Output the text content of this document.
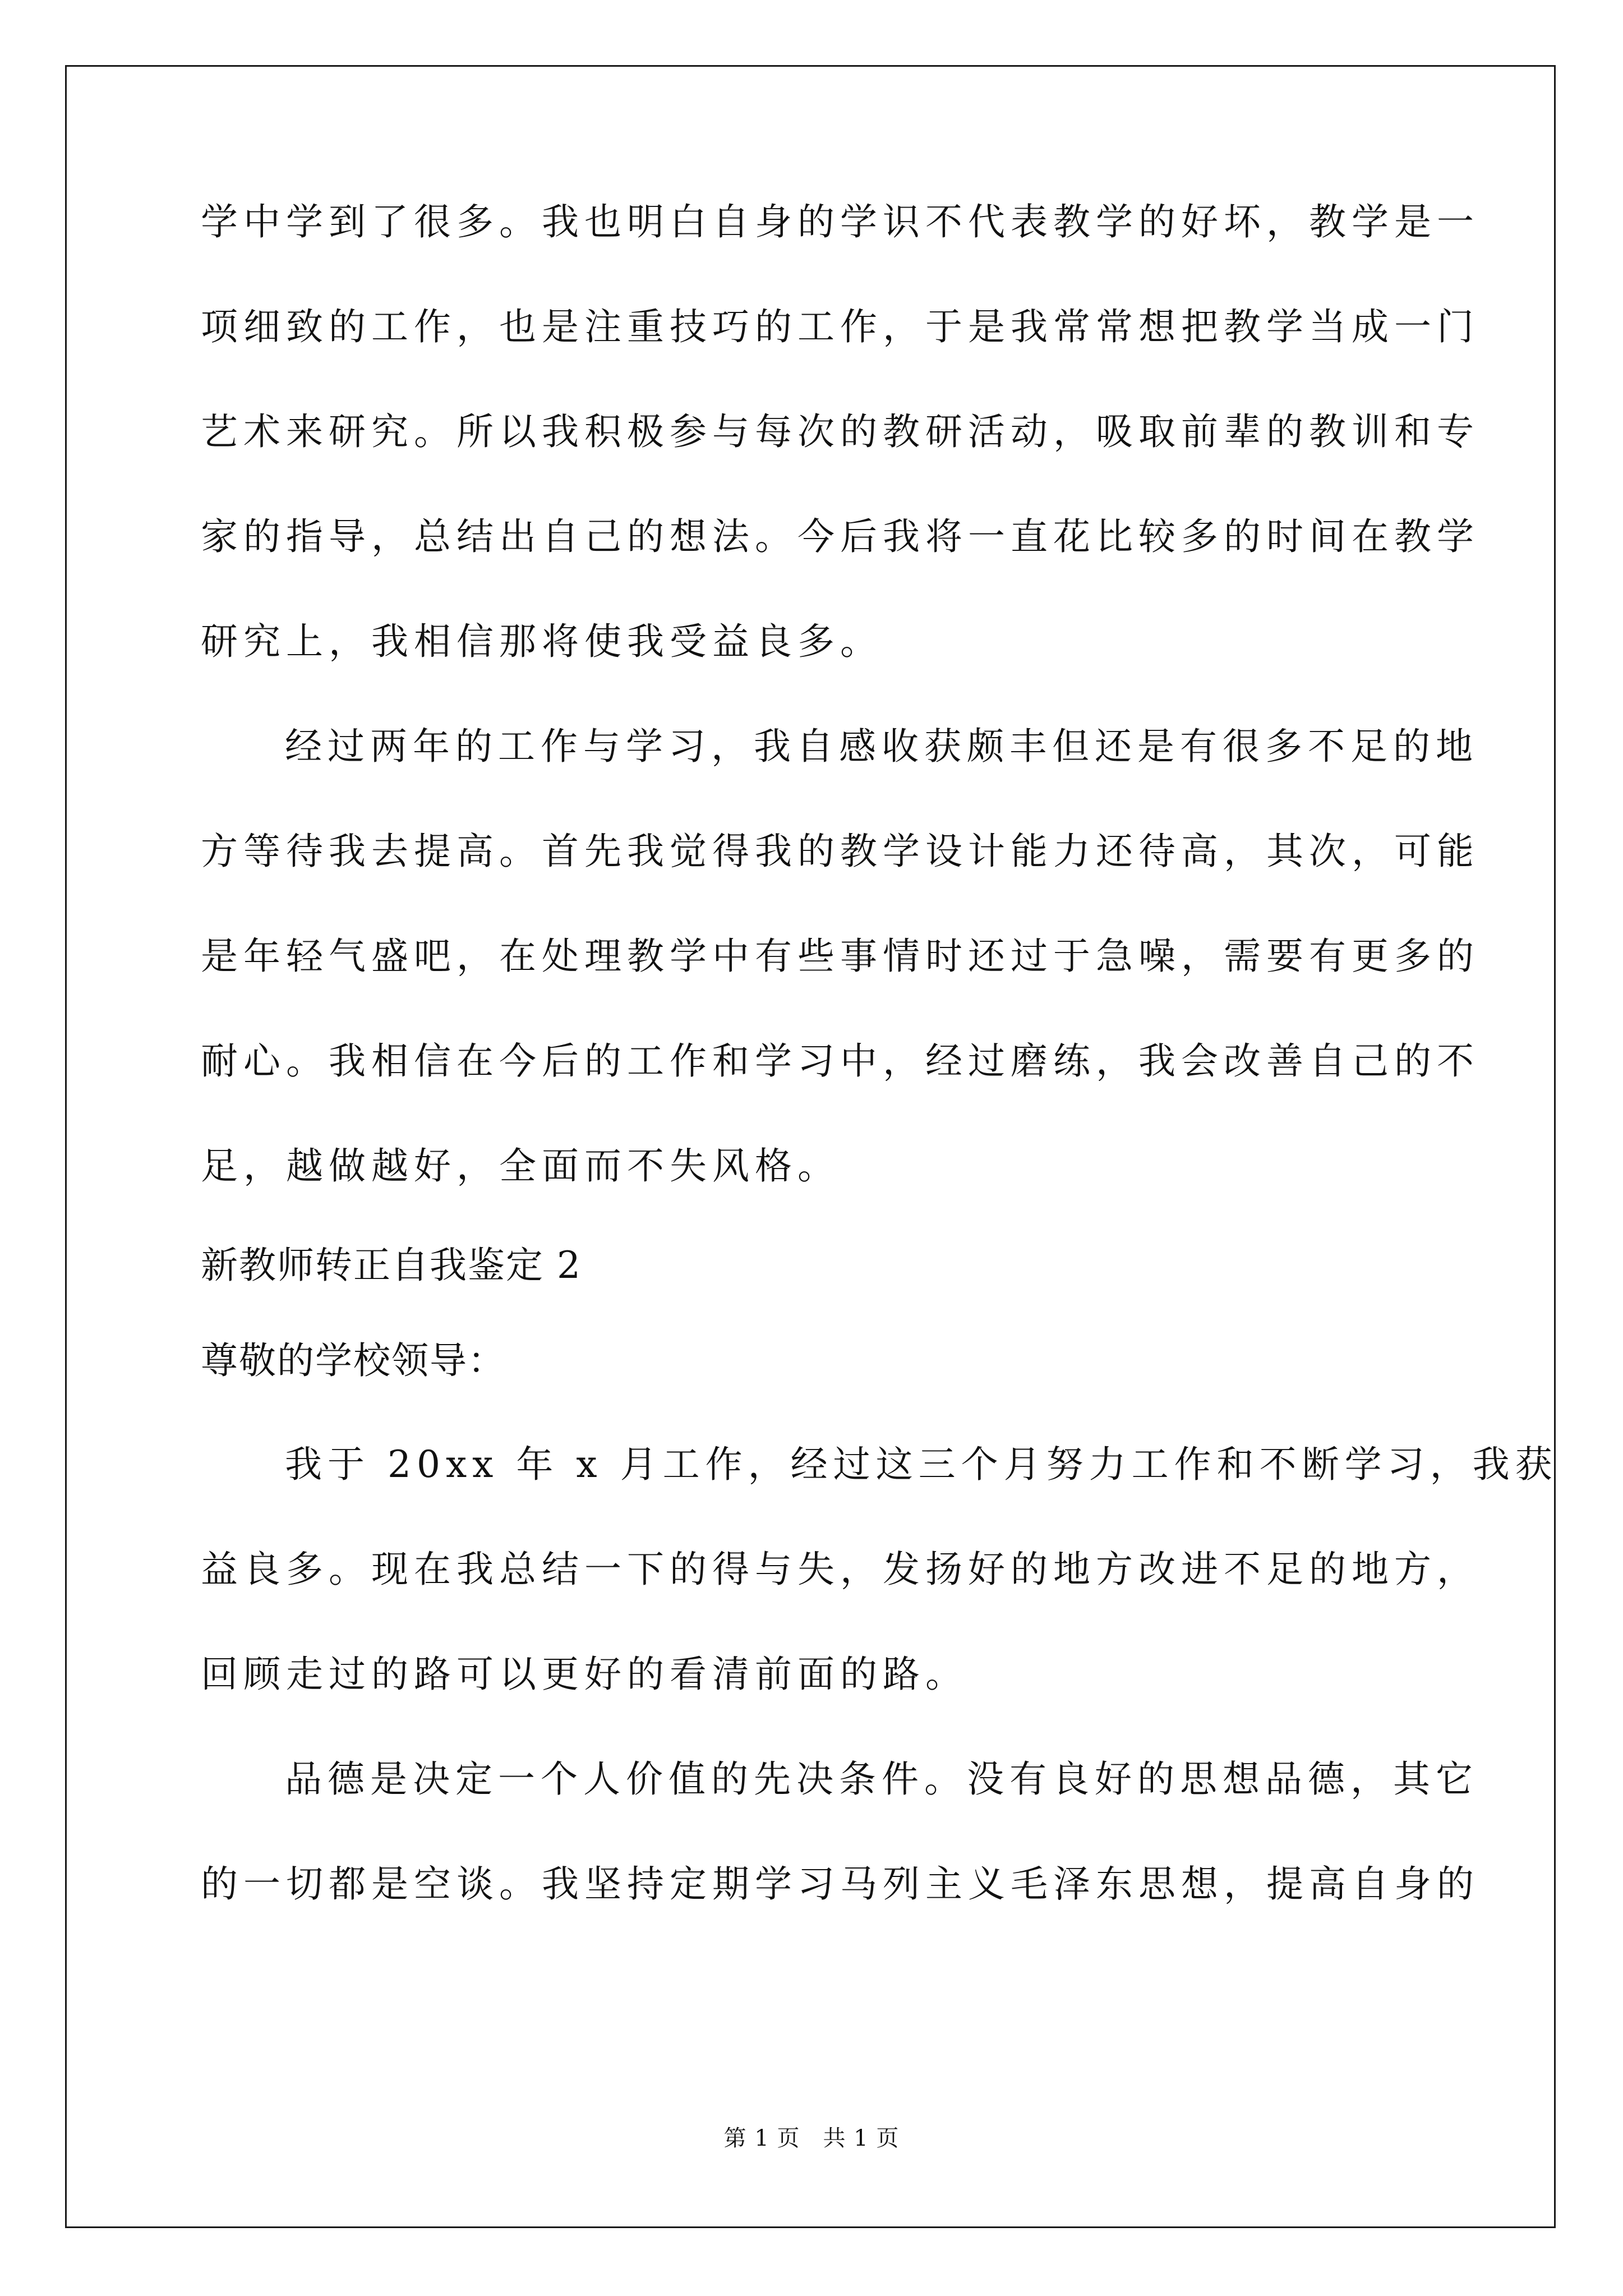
学中学到了很多。我也明白自身的学识不代表教学的好坏，教学是一
项细致的工作，也是注重技巧的工作，于是我常常想把教学当成一门
艺术来研究。所以我积极参与每次的教研活动，吸取前辈的教训和专
家的指导，总结出自己的想法。今后我将一直花比较多的时间在教学
研究上，我相信那将使我受益良多。
经过两年的工作与学习，我自感收获颇丰但还是有很多不足的地
方等待我去提高。首先我觉得我的教学设计能力还待高，其次，可能
是年轻气盛吧，在处理教学中有些事情时还过于急噪，需要有更多的
耐心。我相信在今后的工作和学习中，经过磨练，我会改善自己的不
足，越做越好，全面而不失风格。
新教师转正自我鉴定 2
尊敬的学校领导：
我于 20xx 年 x 月工作，经过这三个月努力工作和不断学习，我获
益良多。现在我总结一下的得与失，发扬好的地方改进不足的地方，
回顾走过的路可以更好的看清前面的路。
品德是决定一个人价值的先决条件。没有良好的思想品德，其它
的一切都是空谈。我坚持定期学习马列主义毛泽东思想，提高自身的
第 1 页　共 1 页
